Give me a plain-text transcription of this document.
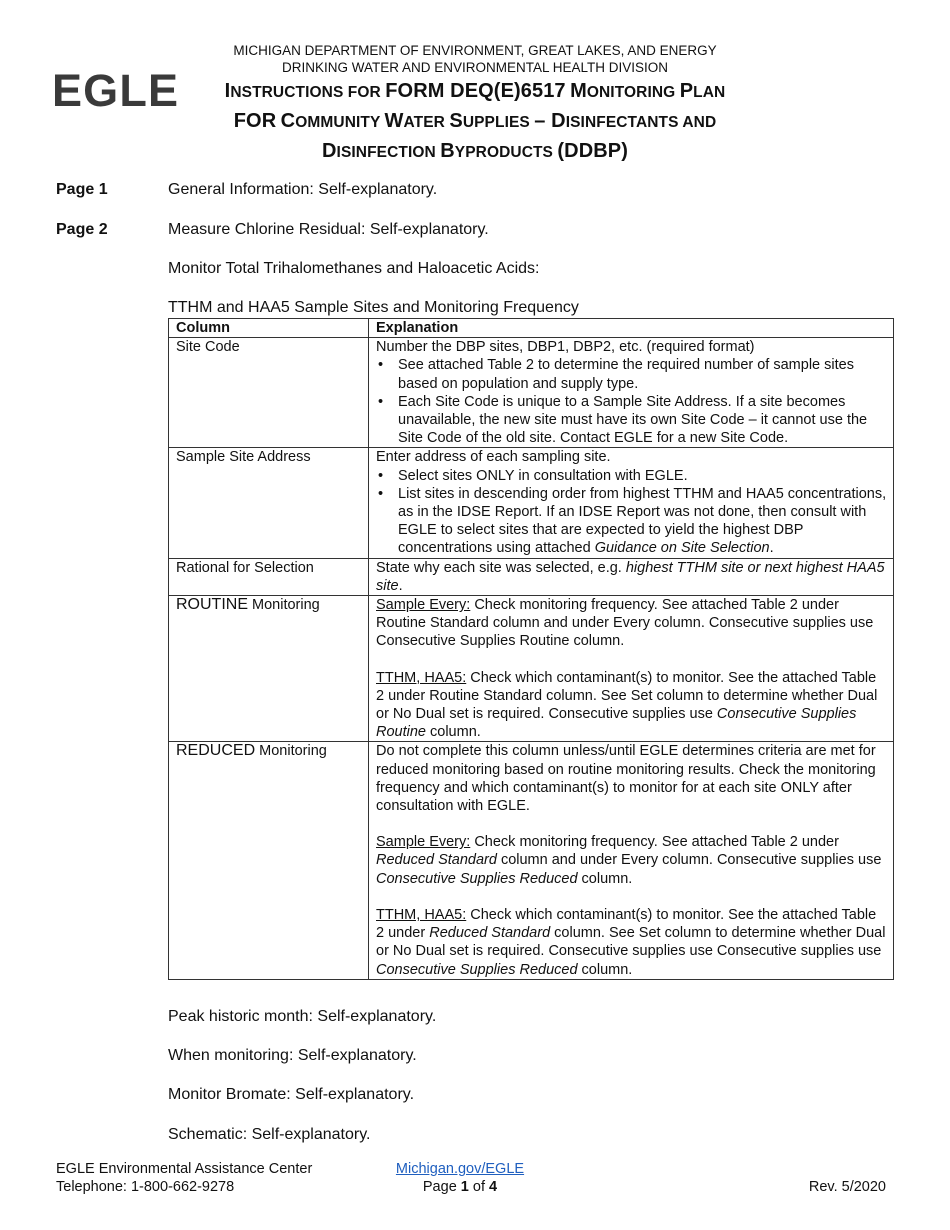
EGLE
MICHIGAN DEPARTMENT OF ENVIRONMENT, GREAT LAKES, AND ENERGY
DRINKING WATER AND ENVIRONMENTAL HEALTH DIVISION
INSTRUCTIONS FOR FORM DEQ(E)6517 MONITORING PLAN
FOR COMMUNITY WATER SUPPLIES – DISINFECTANTS AND
DISINFECTION BYPRODUCTS (DDBP)
Page 1	General Information: Self-explanatory.
Page 2	Measure Chlorine Residual: Self-explanatory.
Monitor Total Trihalomethanes and Haloacetic Acids:
TTHM and HAA5 Sample Sites and Monitoring Frequency
Column	Explanation
Site Code	Number the DBP sites, DBP1, DBP2, etc. (required format)
• See attached Table 2 to determine the required number of sample sites based on population and supply type.
• Each Site Code is unique to a Sample Site Address. If a site becomes unavailable, the new site must have its own Site Code – it cannot use the Site Code of the old site. Contact EGLE for a new Site Code.

Sample Site Address	Enter address of each sampling site.
• Select sites ONLY in consultation with EGLE.
• List sites in descending order from highest TTHM and HAA5 concentrations, as in the IDSE Report. If an IDSE Report was not done, then consult with EGLE to select sites that are expected to yield the highest DBP concentrations using attached Guidance on Site Selection.

Rational for Selection	State why each site was selected, e.g. highest TTHM site or next highest HAA5 site.
ROUTINE Monitoring	Sample Every: Check monitoring frequency. See attached Table 2 under Routine Standard column and under Every column. Consecutive supplies use Consecutive Supplies Routine column.
TTHM, HAA5: Check which contaminant(s) to monitor. See the attached Table 2 under Routine Standard column. See Set column to determine whether Dual or No Dual set is required. Consecutive supplies use Consecutive Supplies Routine column.

REDUCED Monitoring	Do not complete this column unless/until EGLE determines criteria are met for reduced monitoring based on routine monitoring results. Check the monitoring frequency and which contaminant(s) to monitor for at each site ONLY after consultation with EGLE.
Sample Every: Check monitoring frequency. See attached Table 2 under Reduced Standard column and under Every column. Consecutive supplies use Consecutive Supplies Reduced column.
TTHM, HAA5: Check which contaminant(s) to monitor. See the attached Table 2 under Reduced Standard column. See Set column to determine whether Dual or No Dual set is required. Consecutive supplies use Consecutive supplies use Consecutive Supplies Reduced column.
Peak historic month: Self-explanatory.
When monitoring: Self-explanatory.
Monitor Bromate: Self-explanatory.
Schematic: Self-explanatory.
EGLE Environmental Assistance Center
Telephone: 1-800-662-9278
Michigan.gov/EGLE
Page 1 of 4	Rev. 5/2020
